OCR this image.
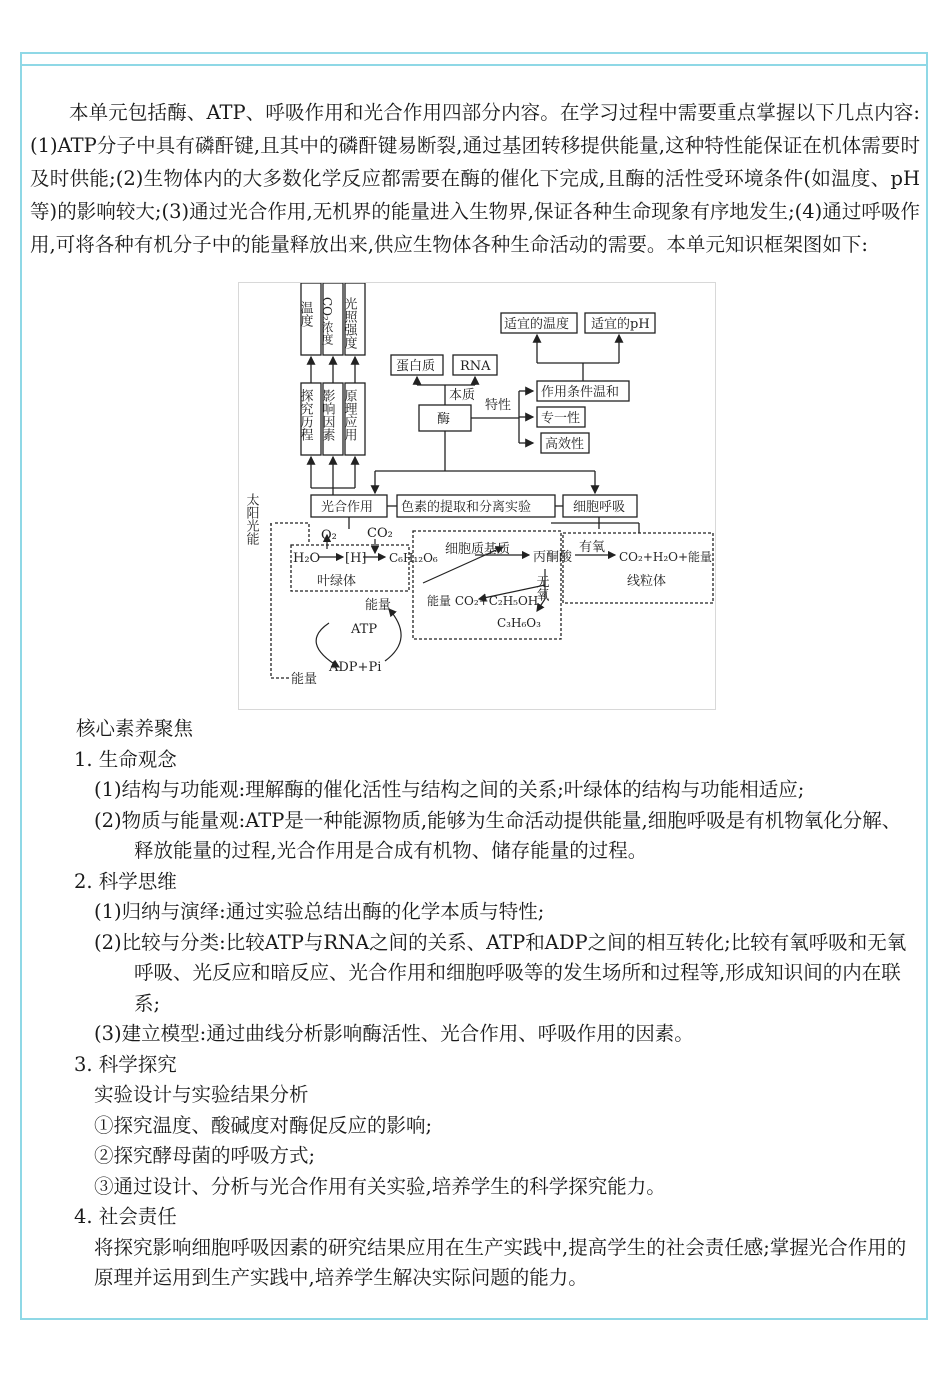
本单元包括酶、ATP、呼吸作用和光合作用四部分内容。在学习过程中需要重点掌握以下几点内容:(1)ATP分子中具有磷酐键,且其中的磷酐键易断裂,通过基团转移提供能量,这种特性能保证在机体需要时及时供能;(2)生物体内的大多数化学反应都需要在酶的催化下完成,且酶的活性受环境条件(如温度、pH等)的影响较大;(3)通过光合作用,无机界的能量进入生物界,保证各种生命现象有序地发生;(4)通过呼吸作用,可将各种有机分子中的能量释放出来,供应生物体各种生命活动的需要。本单元知识框架图如下:

温度 CO₂浓度 光照强度
探究历程 影响因素 原理应用
蛋白质 RNA
本质
酶
特性
作用条件温和
专一性
高效性
适宜的温度 适宜的pH
光合作用 色素的提取和分离实验	细胞呼吸
太阳光能	O₂ CO₂
H₂O [H] C₆H₁₂O₆
叶绿体
细胞质基质
丙酮酸
有氧
CO₂+H₂O+能量
线粒体
无氧
能量 CO₂+C₂H₅OH
C₃H₆O₃
能量
ATP
ADP+Pi
能量
核心素养聚焦
1. 生命观念
(1)结构与功能观:理解酶的催化活性与结构之间的关系;叶绿体的结构与功能相适应;
(2)物质与能量观:ATP是一种能源物质,能够为生命活动提供能量,细胞呼吸是有机物氧化分解、释放能量的过程,光合作用是合成有机物、储存能量的过程。
2. 科学思维
(1)归纳与演绎:通过实验总结出酶的化学本质与特性;
(2)比较与分类:比较ATP与RNA之间的关系、ATP和ADP之间的相互转化;比较有氧呼吸和无氧呼吸、光反应和暗反应、光合作用和细胞呼吸等的发生场所和过程等,形成知识间的内在联系;
(3)建立模型:通过曲线分析影响酶活性、光合作用、呼吸作用的因素。
3. 科学探究
实验设计与实验结果分析
①探究温度、酸碱度对酶促反应的影响;
②探究酵母菌的呼吸方式;
③通过设计、分析与光合作用有关实验,培养学生的科学探究能力。
4. 社会责任
将探究影响细胞呼吸因素的研究结果应用在生产实践中,提高学生的社会责任感;掌握光合作用的原理并运用到生产实践中,培养学生解决实际问题的能力。
